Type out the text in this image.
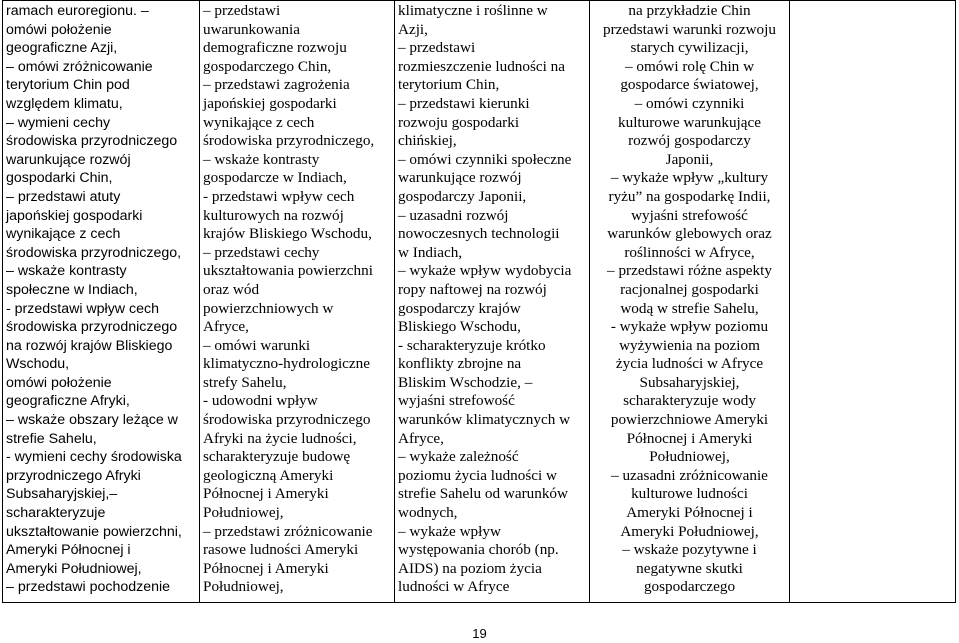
ramach euroregionu. –
omówi położenie
geograficzne Azji,
– omówi zróżnicowanie
terytorium Chin pod
względem klimatu,
– wymieni cechy
środowiska przyrodniczego
warunkujące rozwój
gospodarki Chin,
– przedstawi atuty
japońskiej gospodarki
wynikające z cech
środowiska przyrodniczego,
– wskaże kontrasty
społeczne w Indiach,
- przedstawi wpływ cech
środowiska przyrodniczego
na rozwój krajów Bliskiego
Wschodu,
omówi położenie
geograficzne Afryki,
– wskaże obszary leżące w
strefie Sahelu,
- wymieni cechy środowiska
przyrodniczego Afryki
Subsaharyjskiej,–
scharakteryzuje
ukształtowanie powierzchni,
Ameryki Północnej i
Ameryki Południowej,
– przedstawi pochodzenie

– przedstawi
uwarunkowania
demograficzne rozwoju
gospodarczego Chin,
– przedstawi zagrożenia
japońskiej gospodarki
wynikające z cech
środowiska przyrodniczego,
– wskaże kontrasty
gospodarcze w Indiach,
- przedstawi wpływ cech
kulturowych na rozwój
krajów Bliskiego Wschodu,
– przedstawi cechy
ukształtowania powierzchni
oraz wód
powierzchniowych w
Afryce,
– omówi warunki
klimatyczno-hydrologiczne
strefy Sahelu,
- udowodni wpływ
środowiska przyrodniczego
Afryki na życie ludności,
scharakteryzuje budowę
geologiczną Ameryki
Północnej i Ameryki
Południowej,
– przedstawi zróżnicowanie
rasowe ludności Ameryki
Północnej i Ameryki
Południowej,

klimatyczne i roślinne w
Azji,
– przedstawi
rozmieszczenie ludności na
terytorium Chin,
– przedstawi kierunki
rozwoju gospodarki
chińskiej,
– omówi czynniki społeczne
warunkujące rozwój
gospodarczy Japonii,
– uzasadni rozwój
nowoczesnych technologii
w Indiach,
– wykaże wpływ wydobycia
ropy naftowej na rozwój
gospodarczy krajów
Bliskiego Wschodu,
- scharakteryzuje krótko
konflikty zbrojne na
Bliskim Wschodzie, –
wyjaśni strefowość
warunków klimatycznych w
Afryce,
– wykaże zależność
poziomu życia ludności w
strefie Sahelu od warunków
wodnych,
– wykaże wpływ
występowania chorób (np.
AIDS) na poziom życia
ludności w Afryce

na przykładzie Chin
przedstawi warunki rozwoju
starych cywilizacji,
– omówi rolę Chin w
gospodarce światowej,
– omówi czynniki
kulturowe warunkujące
rozwój gospodarczy
Japonii,
– wykaże wpływ „kultury
ryżu” na gospodarkę Indii,
wyjaśni strefowość
warunków glebowych oraz
roślinności w Afryce,
– przedstawi różne aspekty
racjonalnej gospodarki
wodą w strefie Sahelu,
- wykaże wpływ poziomu
wyżywienia na poziom
życia ludności w Afryce
Subsaharyjskiej,
scharakteryzuje wody
powierzchniowe Ameryki
Północnej i Ameryki
Południowej,
– uzasadni zróżnicowanie
kulturowe ludności
Ameryki Północnej i
Ameryki Południowej,
– wskaże pozytywne i
negatywne skutki
gospodarczego

19
